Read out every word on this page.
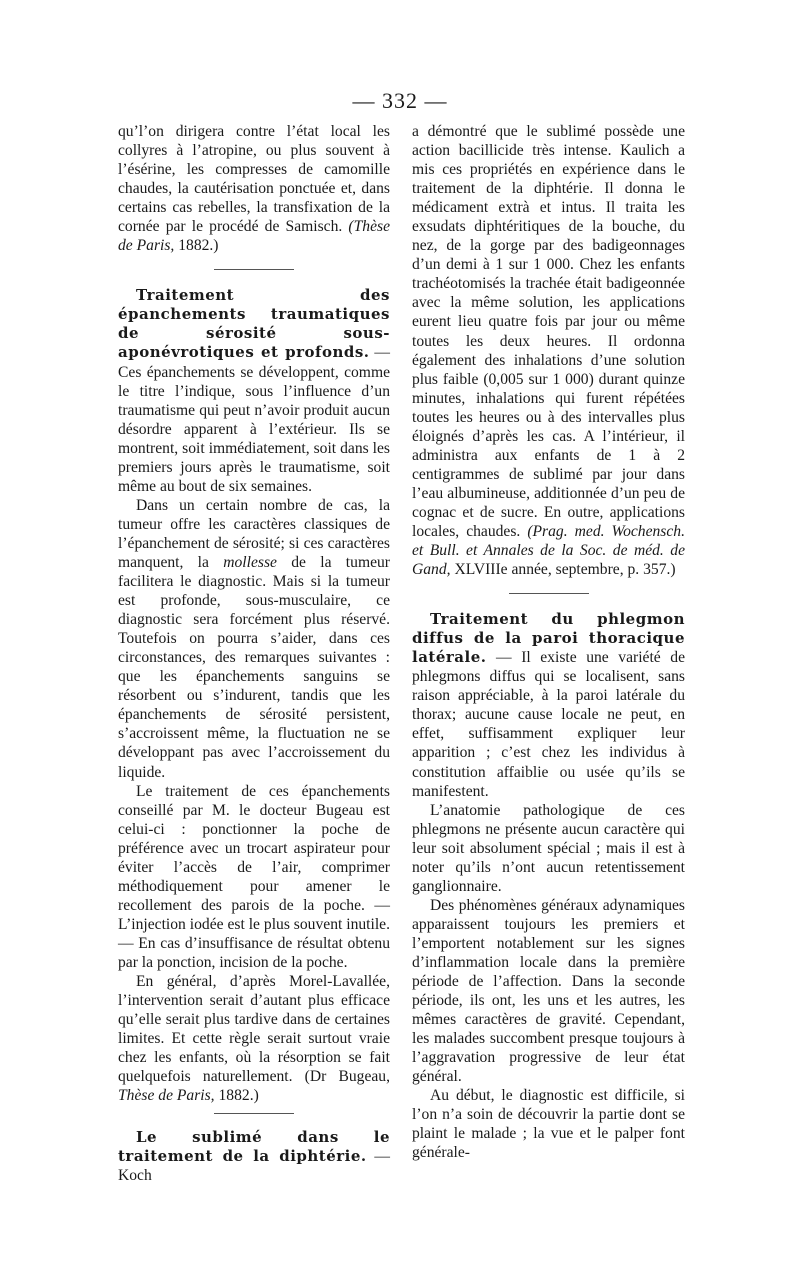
— 332 —

qu’l’on dirigera contre l’état local les collyres à l’atropine, ou plus souvent à l’ésérine, les compresses de camomille chaudes, la cautérisation ponctuée et, dans certains cas rebelles, la transfixation de la cornée par le procédé de Samisch. (Thèse de Paris, 1882.)

Traitement des épanchements traumatiques de sérosité sous-aponévrotiques et profonds. — Ces épanchements se développent, comme le titre l’indique, sous l’influence d’un traumatisme qui peut n’avoir produit aucun désordre apparent à l’extérieur. Ils se montrent, soit immédiatement, soit dans les premiers jours après le traumatisme, soit même au bout de six semaines.

Dans un certain nombre de cas, la tumeur offre les caractères classiques de l’épanchement de sérosité; si ces caractères manquent, la mollesse de la tumeur facilitera le diagnostic. Mais si la tumeur est profonde, sous-musculaire, ce diagnostic sera forcément plus réservé. Toutefois on pourra s’aider, dans ces circonstances, des remarques suivantes : que les épanchements sanguins se résorbent ou s’indurent, tandis que les épanchements de sérosité persistent, s’accroissent même, la fluctuation ne se développant pas avec l’accroissement du liquide.

Le traitement de ces épanchements conseillé par M. le docteur Bugeau est celui-ci : ponctionner la poche de préférence avec un trocart aspirateur pour éviter l’accès de l’air, comprimer méthodiquement pour amener le recollement des parois de la poche. — L’injection iodée est le plus souvent inutile. — En cas d’insuffisance de résultat obtenu par la ponction, incision de la poche.

En général, d’après Morel-Lavallée, l’intervention serait d’autant plus efficace qu’elle serait plus tardive dans de certaines limites. Et cette règle serait surtout vraie chez les enfants, où la résorption se fait quelquefois naturellement. (Dr Bugeau, Thèse de Paris, 1882.)

Le sublimé dans le traitement de la diphtérie. — Koch

a démontré que le sublimé possède une action bacillicide très intense. Kaulich a mis ces propriétés en expérience dans le traitement de la diphtérie. Il donna le médicament extrà et intus. Il traita les exsudats diphtéritiques de la bouche, du nez, de la gorge par des badigeonnages d’un demi à 1 sur 1 000. Chez les enfants trachéotomisés la trachée était badigeonnée avec la même solution, les applications eurent lieu quatre fois par jour ou même toutes les deux heures. Il ordonna également des inhalations d’une solution plus faible (0,005 sur 1 000) durant quinze minutes, inhalations qui furent répétées toutes les heures ou à des intervalles plus éloignés d’après les cas. A l’intérieur, il administra aux enfants de 1 à 2 centigrammes de sublimé par jour dans l’eau albumineuse, additionnée d’un peu de cognac et de sucre. En outre, applications locales, chaudes. (Prag. med. Wochensch. et Bull. et Annales de la Soc. de méd. de Gand, XLVIIIe année, septembre, p. 357.)

Traitement du phlegmon diffus de la paroi thoracique latérale. — Il existe une variété de phlegmons diffus qui se localisent, sans raison appréciable, à la paroi latérale du thorax; aucune cause locale ne peut, en effet, suffisamment expliquer leur apparition ; c’est chez les individus à constitution affaiblie ou usée qu’ils se manifestent.

L’anatomie pathologique de ces phlegmons ne présente aucun caractère qui leur soit absolument spécial ; mais il est à noter qu’ils n’ont aucun retentissement ganglionnaire.

Des phénomènes généraux adynamiques apparaissent toujours les premiers et l’emportent notablement sur les signes d’inflammation locale dans la première période de l’affection. Dans la seconde période, ils ont, les uns et les autres, les mêmes caractères de gravité. Cependant, les malades succombent presque toujours à l’aggravation progressive de leur état général.

Au début, le diagnostic est difficile, si l’on n’a soin de découvrir la partie dont se plaint le malade ; la vue et le palper font générale-
